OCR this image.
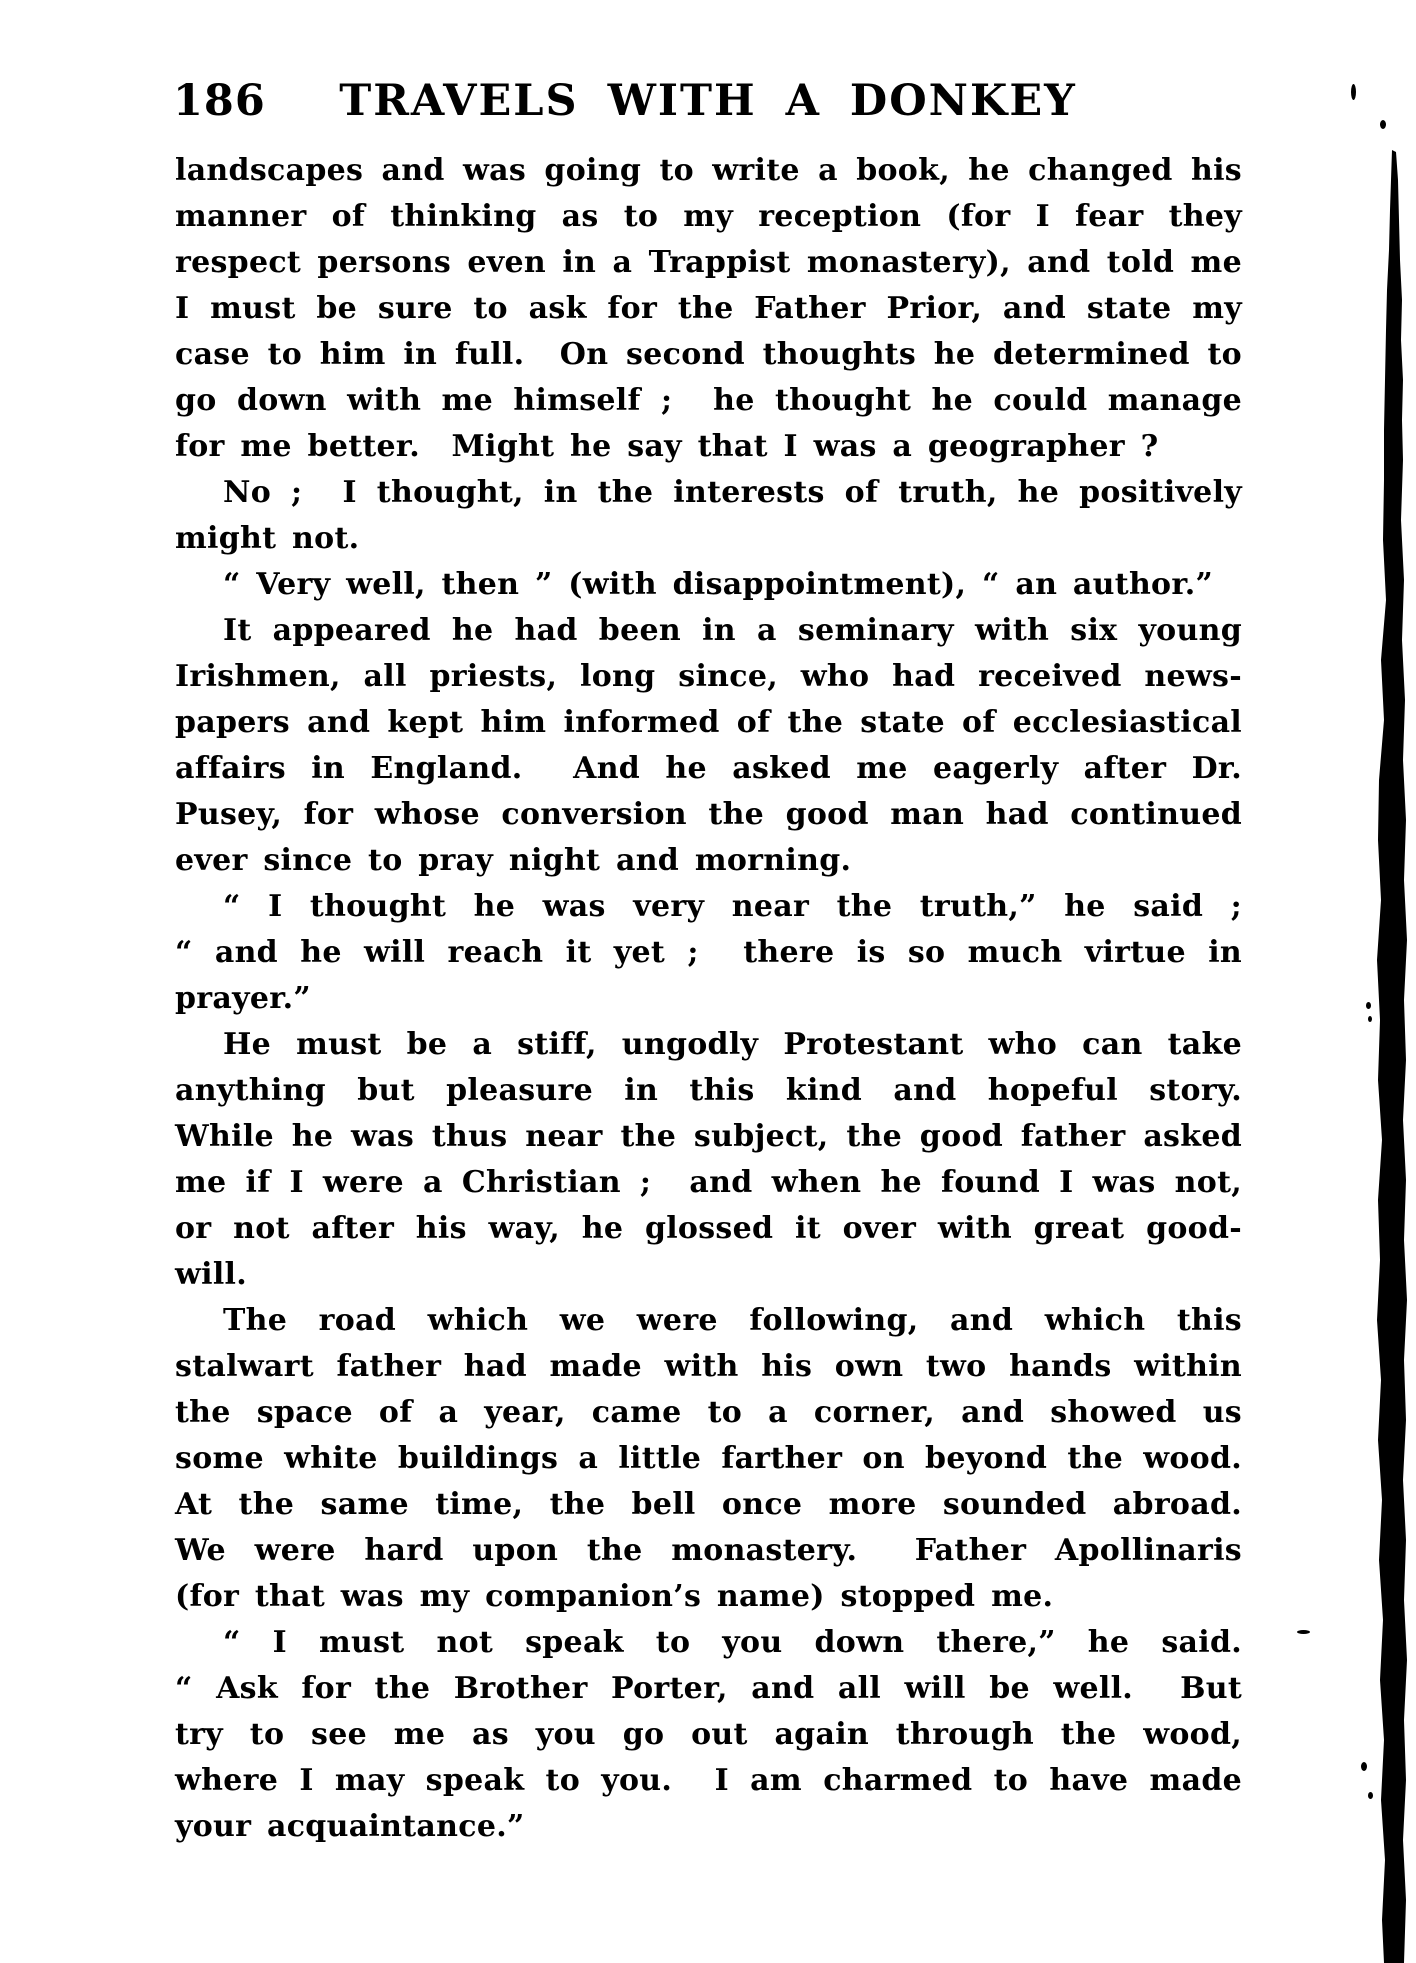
186	TRAVELS WITH A DONKEY
landscapes and was going to write a book, he changed his
manner of thinking as to my reception (for I fear they
respect persons even in a Trappist monastery), and told me
I must be sure to ask for the Father Prior, and state my
case to him in full.  On second thoughts he determined to
go down with me himself ;  he thought he could manage
for me better.  Might he say that I was a geographer ?
No ;  I thought, in the interests of truth, he positively
might not.
“ Very well, then ” (with disappointment), “ an author.”
It appeared he had been in a seminary with six young
Irishmen, all priests, long since, who had received news-
papers and kept him informed of the state of ecclesiastical
affairs in England.  And he asked me eagerly after Dr.
Pusey, for whose conversion the good man had continued
ever since to pray night and morning.
“ I thought he was very near the truth,” he said ;
“ and he will reach it yet ;  there is so much virtue in
prayer.”
He must be a stiff, ungodly Protestant who can take
anything but pleasure in this kind and hopeful story.
While he was thus near the subject, the good father asked
me if I were a Christian ;  and when he found I was not,
or not after his way, he glossed it over with great good-
will.
The road which we were following, and which this
stalwart father had made with his own two hands within
the space of a year, came to a corner, and showed us
some white buildings a little farther on beyond the wood.
At the same time, the bell once more sounded abroad.
We were hard upon the monastery.  Father Apollinaris
(for that was my companion’s name) stopped me.
“ I must not speak to you down there,” he said.
“ Ask for the Brother Porter, and all will be well.  But
try to see me as you go out again through the wood,
where I may speak to you.  I am charmed to have made
your acquaintance.”
